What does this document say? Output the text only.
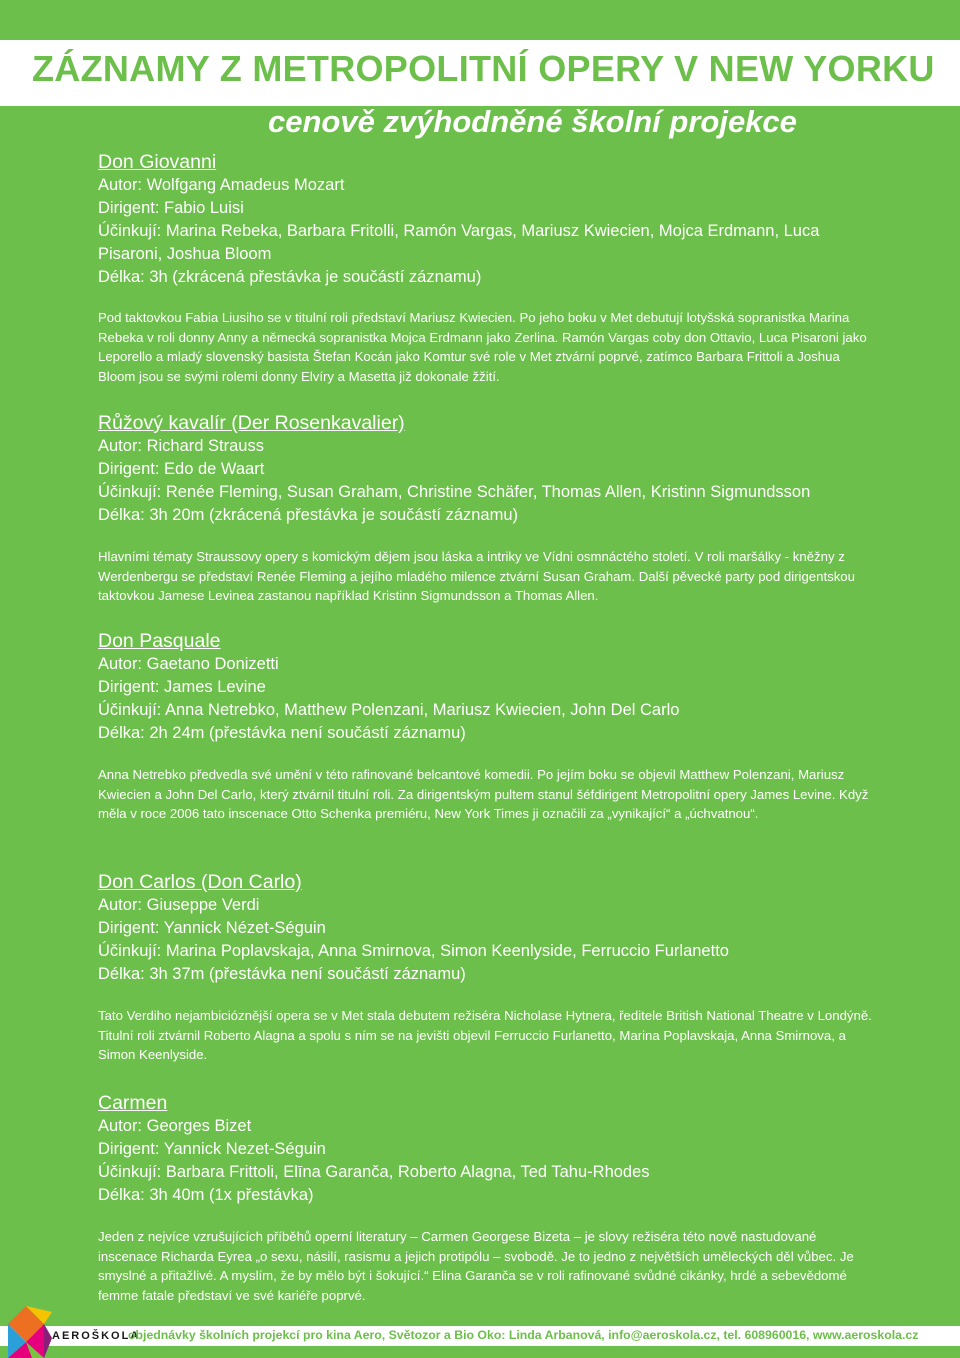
ZÁZNAMY Z METROPOLITNÍ OPERY V NEW YORKU
cenově zvýhodněné školní projekce
Don Giovanni
Autor: Wolfgang Amadeus Mozart
Dirigent: Fabio Luisi
Účinkují: Marina Rebeka, Barbara Fritolli, Ramón Vargas, Mariusz Kwiecien, Mojca Erdmann, Luca Pisaroni, Joshua Bloom
Délka: 3h (zkrácená přestávka je součástí záznamu)
Pod taktovkou Fabia Liusiho se v titulní roli představí Mariusz Kwiecien. Po jeho boku v Met debutují lotyšská sopranistka Marina Rebeka v roli donny Anny a německá sopranistka Mojca Erdmann jako Zerlina. Ramón Vargas coby don Ottavio, Luca Pisaroni jako Leporello a mladý slovenský basista Štefan Kocán jako Komtur své role v Met ztvární poprvé, zatímco Barbara Frittoli a Joshua Bloom jsou se svými rolemi donny Elvíry a Masetta již dokonale žžití.
Růžový kavalír (Der Rosenkavalier)
Autor: Richard Strauss
Dirigent: Edo de Waart
Účinkují: Renée Fleming, Susan Graham, Christine Schäfer, Thomas Allen, Kristinn Sigmundsson
Délka: 3h 20m (zkrácená přestávka je součástí záznamu)
Hlavními tématy Straussovy opery s komickým dějem jsou láska a intriky ve Vídni osmnáctého století. V roli maršálky - kněžny z Werdenbergu se představí Renée Fleming a jejího mladého milence ztvární Susan Graham. Další pěvecké party pod dirigentskou taktovkou Jamese Levinea zastanou například Kristinn Sigmundsson a Thomas Allen.
Don Pasquale
Autor: Gaetano Donizetti
Dirigent: James Levine
Účinkují: Anna Netrebko, Matthew Polenzani, Mariusz Kwiecien, John Del Carlo
Délka: 2h 24m (přestávka není součástí záznamu)
Anna Netrebko předvedla své umění v této rafinované belcantové komedii. Po jejím boku se objevil Matthew Polenzani, Mariusz Kwiecien a John Del Carlo, který ztvárnil titulní roli. Za dirigentským pultem stanul šéfdirigent Metropolitní opery James Levine. Když měla v roce 2006 tato inscenace Otto Schenka premiéru, New York Times ji označili za „vynikající“ a „úchvatnou“.
Don Carlos (Don Carlo)
Autor: Giuseppe Verdi
Dirigent: Yannick Nézet-Séguin
Účinkují: Marina Poplavskaja, Anna Smirnova, Simon Keenlyside, Ferruccio Furlanetto
Délka: 3h 37m (přestávka není součástí záznamu)
Tato Verdiho nejambicióznější opera se v Met stala debutem režiséra Nicholase Hytnera, ředitele British National Theatre v Londýně. Titulní roli ztvárnil Roberto Alagna a spolu s ním se na jevišti objevil Ferruccio Furlanetto, Marina Poplavskaja, Anna Smirnova, a Simon Keenlyside.
Carmen
Autor: Georges Bizet
Dirigent: Yannick Nezet-Séguin
Účinkují: Barbara Frittoli, Elīna Garanča, Roberto Alagna, Ted Tahu-Rhodes
Délka: 3h 40m (1x přestávka)
Jeden z nejvíce vzrušujících příběhů operní literatury – Carmen Georgese Bizeta – je slovy režiséra této nově nastudované inscenace Richarda Eyrea „o sexu, násilí, rasismu a jejich protipólu – svobodě. Je to jedno z největších uměleckých děl vůbec. Je smyslné a přitažlivé. A myslím, že by mělo být i šokující.“ Elina Garanča se v roli rafinované svůdné cikánky, hrdé a sebevědomé femme fatale představí ve své kariéře poprvé.
AEROŠKOLA
objednávky školních projekcí pro kina Aero, Světozor a Bio Oko: Linda Arbanová, info@aeroskola.cz, tel. 608960016, www.aeroskola.cz
